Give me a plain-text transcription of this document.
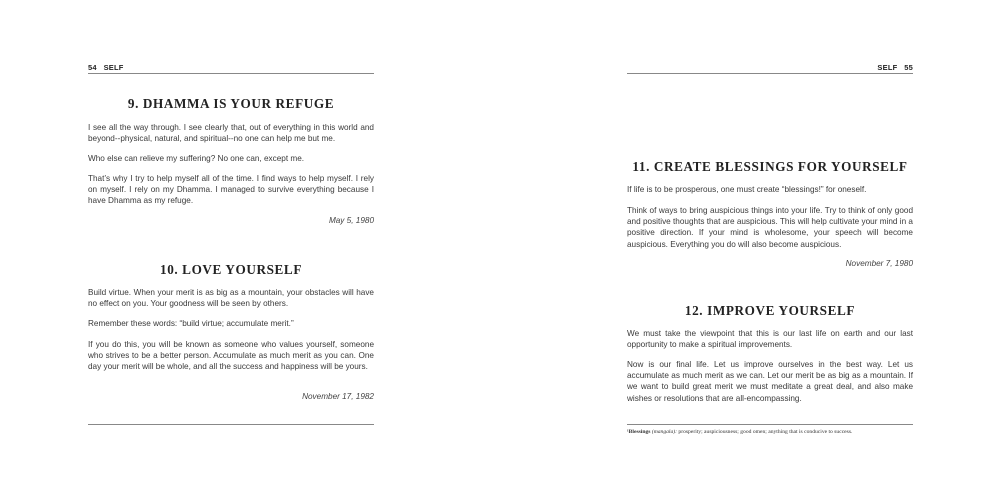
54 SELF
9. DHAMMA IS YOUR REFUGE
I see all the way through. I see clearly that, out of everything in this world and beyond--physical, natural, and spiritual--no one can help me but me.
Who else can relieve my suffering? No one can, except me.
That’s why I try to help myself all of the time. I find ways to help myself. I rely on myself. I rely on my Dhamma. I managed to survive everything because I have Dhamma as my refuge.
May 5, 1980
10. LOVE YOURSELF
Build virtue. When your merit is as big as a mountain, your obstacles will have no effect on you. Your goodness will be seen by others.
Remember these words: “build virtue; accumulate merit.”
If you do this, you will be known as someone who values yourself, someone who strives to be a better person. Accumulate as much merit as you can. One day your merit will be whole, and all the success and happiness will be yours.
November 17, 1982
SELF 55
11. CREATE BLESSINGS FOR YOURSELF
If life is to be prosperous, one must create “blessings!” for oneself.
Think of ways to bring auspicious things into your life. Try to think of only good and positive thoughts that are auspicious. This will help cultivate your mind in a positive direction. If your mind is wholesome, your speech will become auspicious. Everything you do will also become auspicious.
November 7, 1980
12. IMPROVE YOURSELF
We must take the viewpoint that this is our last life on earth and our last opportunity to make a spiritual improvements.
Now is our final life. Let us improve ourselves in the best way. Let us accumulate as much merit as we can. Let our merit be as big as a mountain. If we want to build great merit we must meditate a great deal, and also make wishes or resolutions that are all-encompassing.
¹Blessings (mangala): prosperity; auspiciousness; good omen; anything that is conducive to success.
